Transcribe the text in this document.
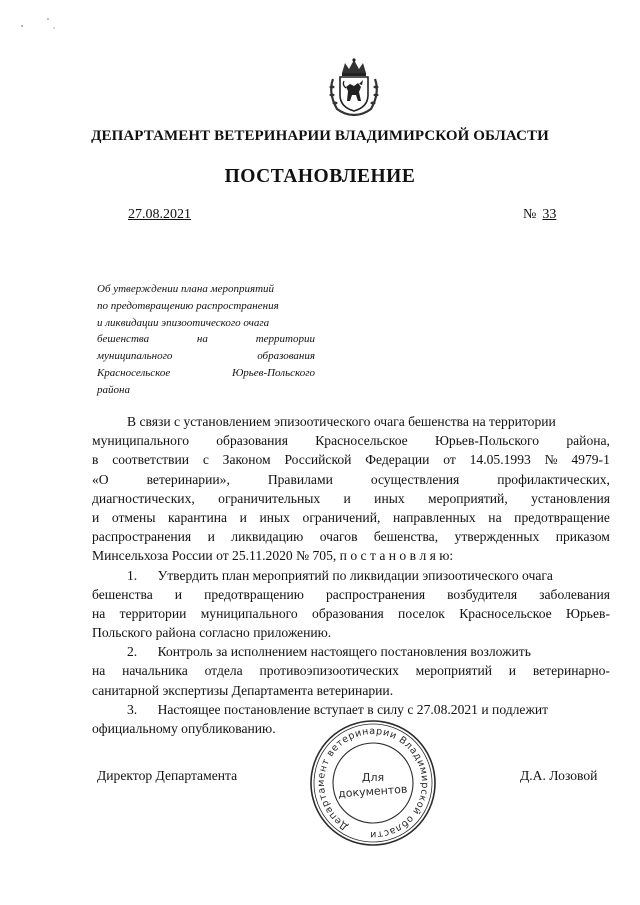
ДЕПАРТАМЕНТ ВЕТЕРИНАРИИ ВЛАДИМИРСКОЙ ОБЛАСТИ
ПОСТАНОВЛЕНИЕ
27.08.2021	№ 33
Об утверждении плана мероприятий
по предотвращению распространения
и ликвидации эпизоотического очага
бешенства	на	территории
муниципального	образования
Красносельское	Юрьев-Польского
района
В связи с установлением эпизоотического очага бешенства на территории
муниципального образования Красносельское Юрьев-Польского района,
в соответствии с Законом Российской Федерации от 14.05.1993 № 4979-1
«О	ветеринарии»,	Правилами	осуществления	профилактических,
диагностических, ограничительных и иных мероприятий, установления
и отмены карантина и иных ограничений, направленных на предотвращение
распространения и ликвидацию очагов бешенства, утвержденных приказом
Минсельхоза России от 25.11.2020 № 705, п о с т а н о в л я ю:
1.      Утвердить план мероприятий по ликвидации эпизоотического очага
бешенства и предотвращению распространения возбудителя заболевания
на территории муниципального образования поселок Красносельское Юрьев-
Польского района согласно приложению.
2.      Контроль за исполнением настоящего постановления возложить
на начальника отдела противоэпизоотических мероприятий и ветеринарно-
санитарной экспертизы Департамента ветеринарии.
3.      Настоящее постановление вступает в силу с 27.08.2021 и подлежит
официальному опубликованию.
Директор Департамента	Д.А. Лозовой
Департамент ветеринарии Владимирской области
Для
документов
